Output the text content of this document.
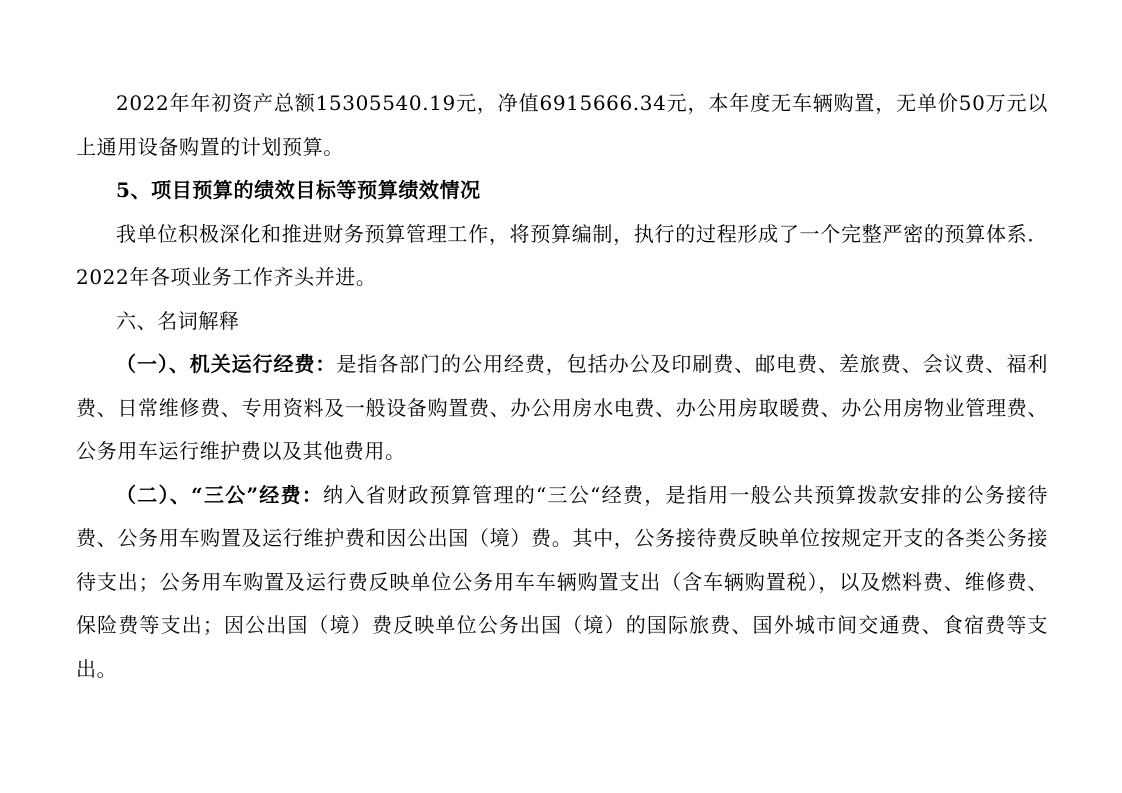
2022年年初资产总额15305540.19元，净值6915666.34元，本年度无车辆购置，无单价50万元以上通用设备购置的计划预算。

5、项目预算的绩效目标等预算绩效情况

我单位积极深化和推进财务预算管理工作，将预算编制，执行的过程形成了一个完整严密的预算体系．2022年各项业务工作齐头并进。

六、名词解释

（一）、机关运行经费：是指各部门的公用经费，包括办公及印刷费、邮电费、差旅费、会议费、福利费、日常维修费、专用资料及一般设备购置费、办公用房水电费、办公用房取暖费、办公用房物业管理费、公务用车运行维护费以及其他费用。

（二）、“三公”经费：纳入省财政预算管理的“三公“经费，是指用一般公共预算拨款安排的公务接待费、公务用车购置及运行维护费和因公出国（境）费。其中，公务接待费反映单位按规定开支的各类公务接待支出；公务用车购置及运行费反映单位公务用车车辆购置支出（含车辆购置税），以及燃料费、维修费、保险费等支出；因公出国（境）费反映单位公务出国（境）的国际旅费、国外城市间交通费、食宿费等支出。
